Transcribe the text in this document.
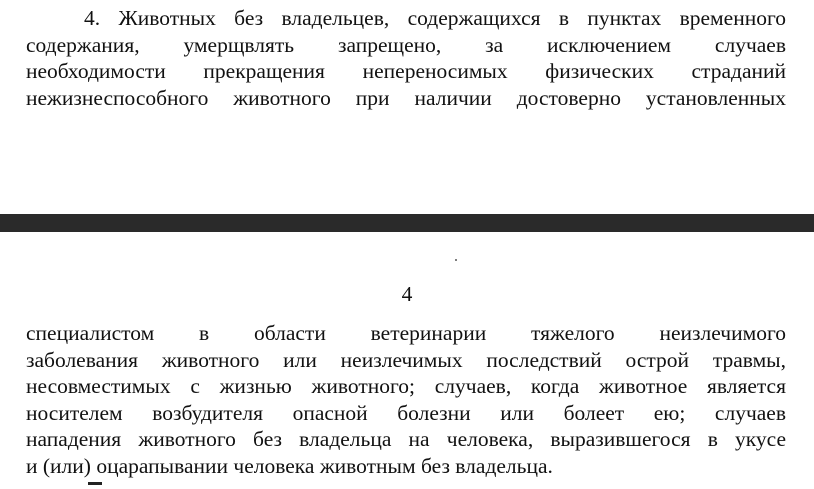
4. Животных без владельцев, содержащихся в пунктах временного
содержания, умерщвлять запрещено, за исключением случаев
необходимости прекращения непереносимых физических страданий
нежизнеспособного животного при наличии достоверно установленных

4

специалистом в области ветеринарии тяжелого неизлечимого
заболевания животного или неизлечимых последствий острой травмы,
несовместимых с жизнью животного; случаев, когда животное является
носителем возбудителя опасной болезни или болеет ею; случаев
нападения животного без владельца на человека, выразившегося в укусе
и (или) оцарапывании человека животным без владельца.
